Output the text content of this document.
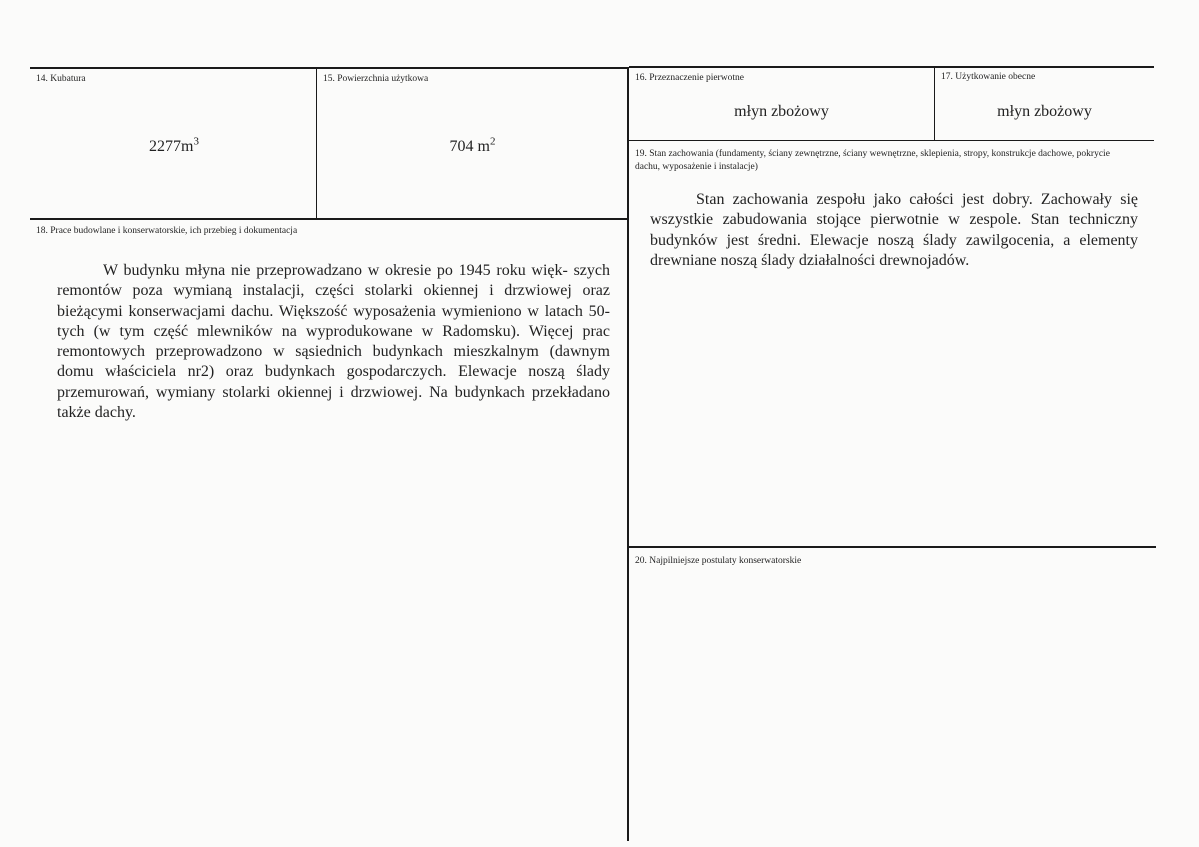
14. Kubatura
$2277m^3$
15. Powierzchnia użytkowa
704 $m^2$
16. Przeznaczenie pierwotne
młyn zbożowy
17. Użytkowanie obecne
młyn zbożowy
18. Prace budowlane i konserwatorskie, ich przebieg i dokumentacja

W budynku młyna nie przeprowadzano w okresie po 1945 roku więk- szych remontów poza wymianą instalacji, części stolarki okiennej i drzwiowej oraz bieżącymi konserwacjami dachu. Większość wyposażenia wymieniono w latach 50- tych (w tym część mlewników na wyprodukowane w Radomsku). Więcej prac remontowych przeprowadzono w sąsiednich budynkach mieszkalnym (dawnym domu właściciela nr2) oraz budynkach gospodarczych. Elewacje noszą ślady przemurowań, wymiany stolarki okiennej i drzwiowej. Na budynkach przekładano także dachy.

19. Stan zachowania (fundamenty, ściany zewnętrzne, ściany wewnętrzne, sklepienia, stropy, konstrukcje dachowe, pokrycie dachu, wyposażenie i instalacje)

Stan zachowania zespołu jako całości jest dobry. Zachowały się wszystkie zabudowania stojące pierwotnie w zespole. Stan techniczny budynków jest średni. Elewacje noszą ślady zawilgocenia, a elementy drewniane noszą ślady działalności drewnojadów.

20. Najpilniejsze postulaty konserwatorskie
